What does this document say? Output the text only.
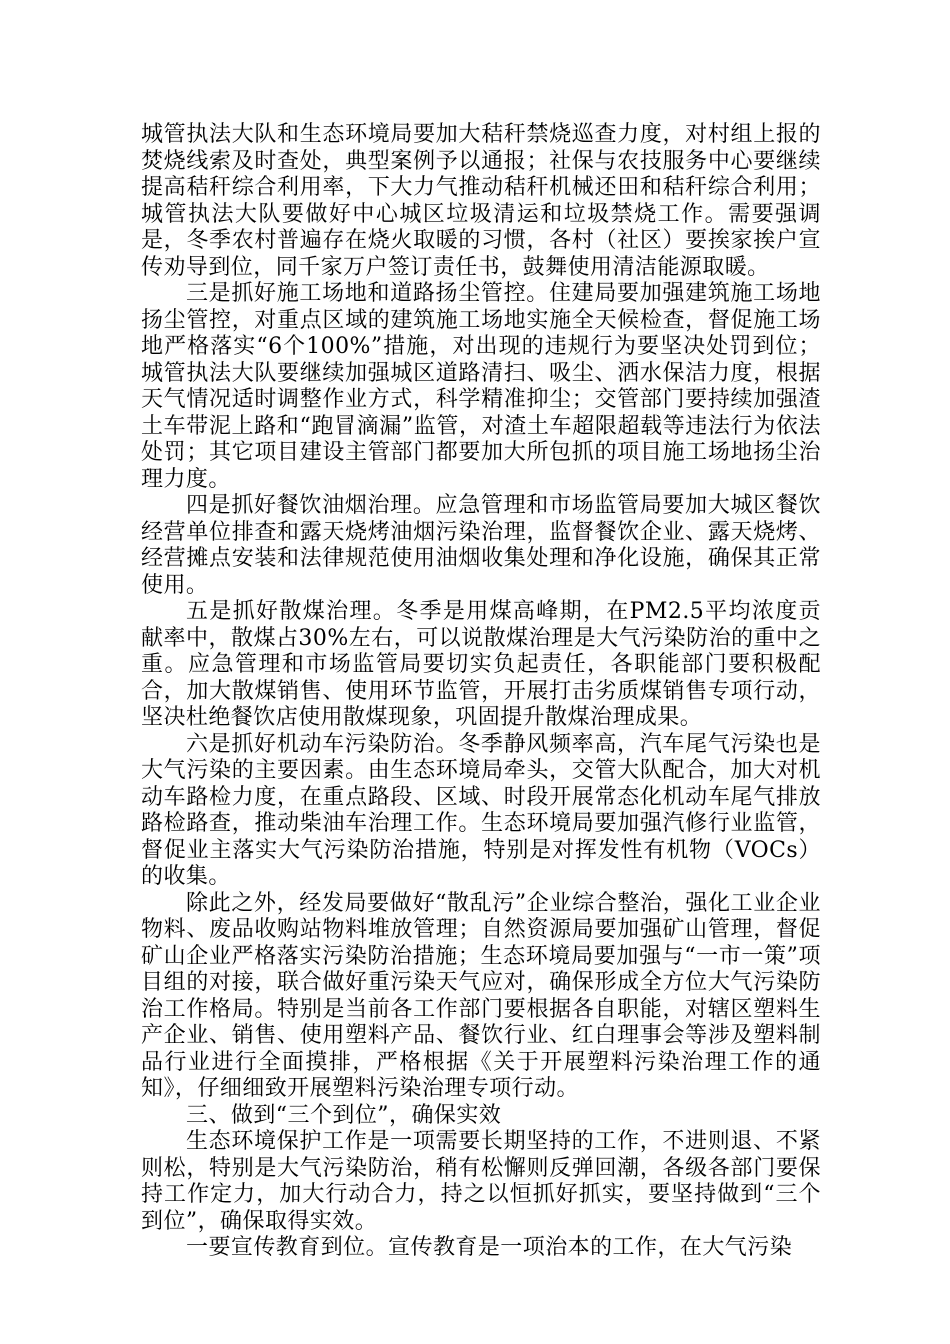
城管执法大队和生态环境局要加大秸秆禁烧巡查力度，对村组上报的焚烧线索及时查处，典型案例予以通报；社保与农技服务中心要继续提高秸秆综合利用率，下大力气推动秸秆机械还田和秸秆综合利用；城管执法大队要做好中心城区垃圾清运和垃圾禁烧工作。需要强调是，冬季农村普遍存在烧火取暖的习惯，各村（社区）要挨家挨户宣传劝导到位，同千家万户签订责任书，鼓舞使用清洁能源取暖。

三是抓好施工场地和道路扬尘管控。住建局要加强建筑施工场地扬尘管控，对重点区域的建筑施工场地实施全天候检查，督促施工场地严格落实“6个100%”措施，对出现的违规行为要坚决处罚到位；城管执法大队要继续加强城区道路清扫、吸尘、洒水保洁力度，根据天气情况适时调整作业方式，科学精准抑尘；交管部门要持续加强渣土车带泥上路和“跑冒滴漏”监管，对渣土车超限超载等违法行为依法处罚；其它项目建设主管部门都要加大所包抓的项目施工场地扬尘治理力度。

四是抓好餐饮油烟治理。应急管理和市场监管局要加大城区餐饮经营单位排查和露天烧烤油烟污染治理，监督餐饮企业、露天烧烤、经营摊点安装和法律规范使用油烟收集处理和净化设施，确保其正常使用。

五是抓好散煤治理。冬季是用煤高峰期，在PM2.5平均浓度贡献率中，散煤占30%左右，可以说散煤治理是大气污染防治的重中之重。应急管理和市场监管局要切实负起责任，各职能部门要积极配合，加大散煤销售、使用环节监管，开展打击劣质煤销售专项行动，坚决杜绝餐饮店使用散煤现象，巩固提升散煤治理成果。

六是抓好机动车污染防治。冬季静风频率高，汽车尾气污染也是大气污染的主要因素。由生态环境局牵头，交管大队配合，加大对机动车路检力度，在重点路段、区域、时段开展常态化机动车尾气排放路检路查，推动柴油车治理工作。生态环境局要加强汽修行业监管，督促业主落实大气污染防治措施，特别是对挥发性有机物（VOCs）的收集。

除此之外，经发局要做好“散乱污”企业综合整治，强化工业企业物料、废品收购站物料堆放管理；自然资源局要加强矿山管理，督促矿山企业严格落实污染防治措施；生态环境局要加强与“一市一策”项目组的对接，联合做好重污染天气应对，确保形成全方位大气污染防治工作格局。特别是当前各工作部门要根据各自职能，对辖区塑料生产企业、销售、使用塑料产品、餐饮行业、红白理事会等涉及塑料制品行业进行全面摸排，严格根据《关于开展塑料污染治理工作的通知》，仔细细致开展塑料污染治理专项行动。

三、做到“三个到位”，确保实效

生态环境保护工作是一项需要长期坚持的工作，不进则退、不紧则松，特别是大气污染防治，稍有松懈则反弹回潮，各级各部门要保持工作定力，加大行动合力，持之以恒抓好抓实，要坚持做到“三个到位”，确保取得实效。

一要宣传教育到位。宣传教育是一项治本的工作，在大气污染
